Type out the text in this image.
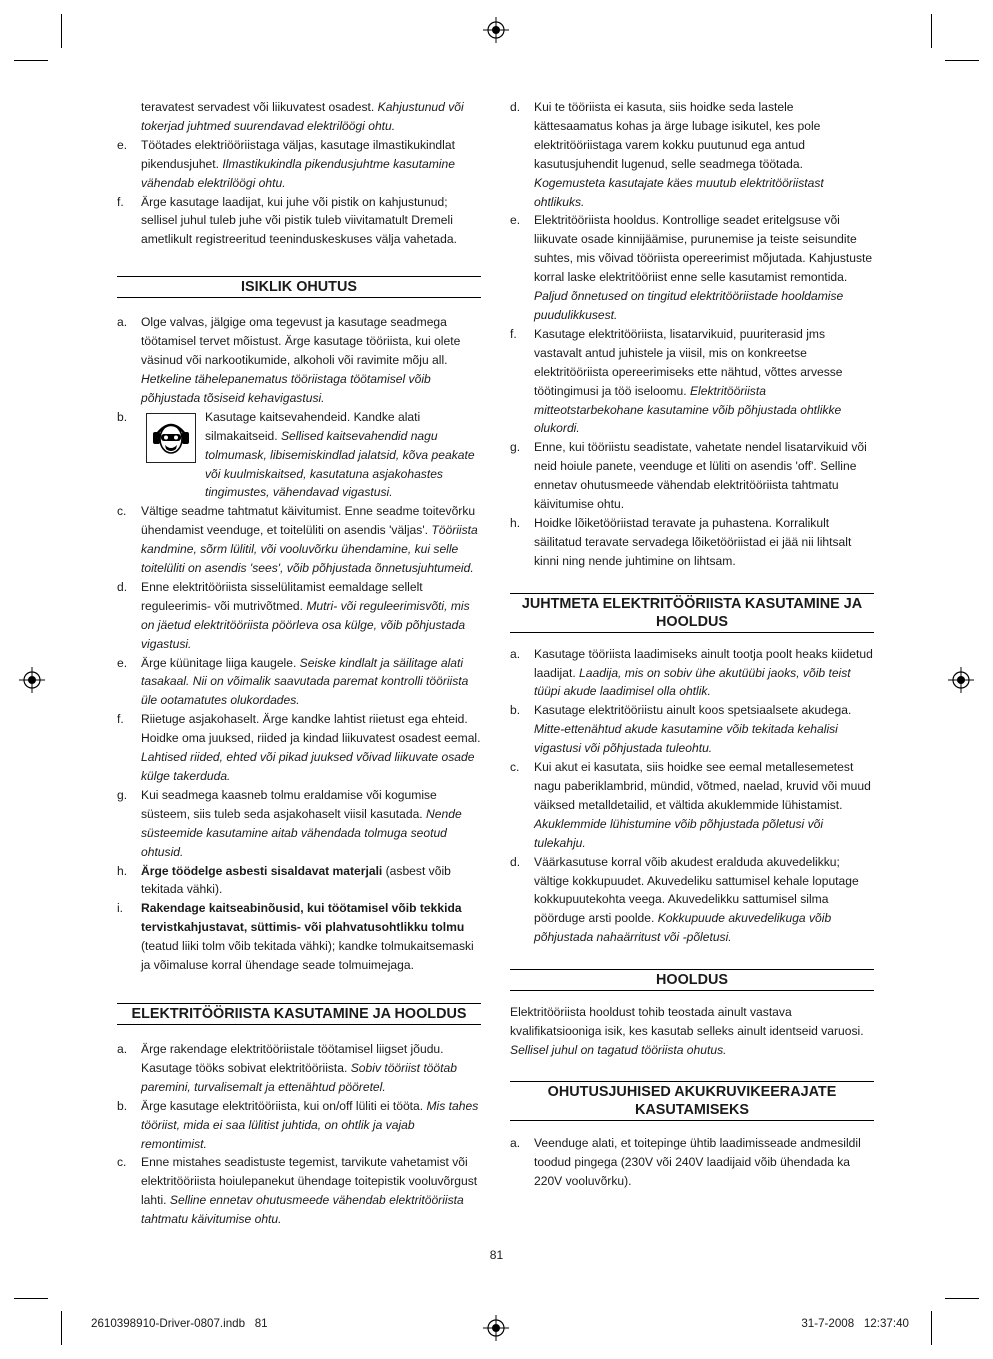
teravatest servadest või liikuvatest osadest. Kahjustunud või tokerjad juhtmed suurendavad elektrilöögi ohtu.

e. Töötades elektriööriistaga väljas, kasutage ilmastikukindlat pikendusjuhet. Ilmastikukindla pikendusjuhtme kasutamine vähendab elektrilöögi ohtu.
f. Ärge kasutage laadijat, kui juhe või pistik on kahjustunud; sellisel juhul tuleb juhe või pistik tuleb viivitamatult Dremeli ametlikult registreeritud teeninduskeskuses välja vahetada.
ISIKLIK OHUTUS
a. Olge valvas, jälgige oma tegevust ja kasutage seadmega töötamisel tervet mõistust. Ärge kasutage tööriista, kui olete väsinud või narkootikumide, alkoholi või ravimite mõju all. Hetkeline tähelepanematus tööriistaga töötamisel võib põhjustada tõsiseid kehavigastusi.
b.	Kasutage kaitsevahendeid. Kandke alati silmakaitseid. Sellised kaitsevahendid nagu tolmumask, libisemiskindlad jalatsid, kõva peakate või kuulmiskaitsed, kasutatuna asjakohastes tingimustes, vähendavad vigastusi.
c. Vältige seadme tahtmatut käivitumist. Enne seadme toitevõrku ühendamist veenduge, et toitelüliti on asendis 'väljas'. Tööriista kandmine, sõrm lülitil, või vooluvõrku ühendamine, kui selle toitelüliti on asendis 'sees', võib põhjustada õnnetusjuhtumeid.
d. Enne elektritööriista sisselülitamist eemaldage sellelt reguleerimis- või mutrivõtmed. Mutri- või reguleerimisvõti, mis on jäetud elektritööriista pöörleva osa külge, võib põhjustada vigastusi.
e. Ärge küünitage liiga kaugele. Seiske kindlalt ja säilitage alati tasakaal. Nii on võimalik saavutada paremat kontrolli tööriista üle ootamatutes olukordades.
f. Riietuge asjakohaselt. Ärge kandke lahtist riietust ega ehteid. Hoidke oma juuksed, riided ja kindad liikuvatest osadest eemal. Lahtised riided, ehted või pikad juuksed võivad liikuvate osade külge takerduda.
g. Kui seadmega kaasneb tolmu eraldamise või kogumise süsteem, siis tuleb seda asjakohaselt viisil kasutada. Nende süsteemide kasutamine aitab vähendada tolmuga seotud ohtusid.
h. Ärge töödelge asbesti sisaldavat materjali (asbest võib tekitada vähki).
i. Rakendage kaitseabinõusid, kui töötamisel võib tekkida tervistkahjustavat, süttimis- või plahvatusohtlikku tolmu (teatud liiki tolm võib tekitada vähki); kandke tolmukaitsemaski ja võimaluse korral ühendage seade tolmuimejaga.
ELEKTRITÖÖRIISTA KASUTAMINE JA HOOLDUS
a. Ärge rakendage elektritööriistale töötamisel liigset jõudu. Kasutage tööks sobivat elektritööriista. Sobiv tööriist töötab paremini, turvalisemalt ja ettenähtud pööretel.
b. Ärge kasutage elektritööriista, kui on/off lüliti ei tööta. Mis tahes tööriist, mida ei saa lülitist juhtida, on ohtlik ja vajab remontimist.
c. Enne mistahes seadistuste tegemist, tarvikute vahetamist või elektritööriista hoiulepanekut ühendage toitepistik vooluvõrgust lahti. Selline ennetav ohutusmeede vähendab elektritööriista tahtmatu käivitumise ohtu.
d. Kui te tööriista ei kasuta, siis hoidke seda lastele kättesaamatus kohas ja ärge lubage isikutel, kes pole elektritööriistaga varem kokku puutunud ega antud kasutusjuhendit lugenud, selle seadmega töötada. Kogemusteta kasutajate käes muutub elektritööriistast ohtlikuks.
e. Elektritööriista hooldus. Kontrollige seadet eritelgsuse või liikuvate osade kinnijäämise, purunemise ja teiste seisundite suhtes, mis võivad tööriista opereerimist mõjutada. Kahjustuste korral laske elektritööriist enne selle kasutamist remontida. Paljud õnnetused on tingitud elektritööriistade hooldamise puudulikkusest.
f. Kasutage elektritööriista, lisatarvikuid, puuriterasid jms vastavalt antud juhistele ja viisil, mis on konkreetse elektritööriista opereerimiseks ette nähtud, võttes arvesse töötingimusi ja töö iseloomu. Elektritööriista mitteotstarbekohane kasutamine võib põhjustada ohtlikke olukordi.
g. Enne, kui tööriistu seadistate, vahetate nendel lisatarvikuid või neid hoiule panete, veenduge et lüliti on asendis 'off'. Selline ennetav ohutusmeede vähendab elektritööriista tahtmatu käivitumise ohtu.
h. Hoidke lõiketööriistad teravate ja puhastena. Korralikult säilitatud teravate servadega lõiketööriistad ei jää nii lihtsalt kinni ning nende juhtimine on lihtsam.
JUHTMETA ELEKTRITÖÖRIISTA KASUTAMINE JA HOOLDUS
a. Kasutage tööriista laadimiseks ainult tootja poolt heaks kiidetud laadijat. Laadija, mis on sobiv ühe akutüübi jaoks, võib teist tüüpi akude laadimisel olla ohtlik.
b. Kasutage elektritööriistu ainult koos spetsiaalsete akudega. Mitte-ettenähtud akude kasutamine võib tekitada kehalisi vigastusi või põhjustada tuleohtu.
c. Kui akut ei kasutata, siis hoidke see eemal metallesemetest nagu paberiklambrid, mündid, võtmed, naelad, kruvid või muud väiksed metalldetailid, et vältida akuklemmide lühistamist. Akuklemmide lühistumine võib põhjustada põletusi või tulekahju.
d. Väärkasutuse korral võib akudest eralduda akuvedelikku; vältige kokkupuudet. Akuvedeliku sattumisel kehale loputage kokkupuutekohta veega. Akuvedelikku sattumisel silma pöörduge arsti poolde. Kokkupuude akuvedelikuga võib põhjustada nahaärritust või -põletusi.
HOOLDUS

Elektritööriista hooldust tohib teostada ainult vastava kvalifikatsiooniga isik, kes kasutab selleks ainult identseid varuosi. Sellisel juhul on tagatud tööriista ohutus.

OHUTUSJUHISED AKUKRUVIKEERAJATE KASUTAMISEKS
a. Veenduge alati, et toitepinge ühtib laadimisseade andmesildil toodud pingega (230V või 240V laadijaid võib ühendada ka 220V vooluvõrku).
81
2610398910-Driver-0807.indb   81	31-7-2008   12:37:40
